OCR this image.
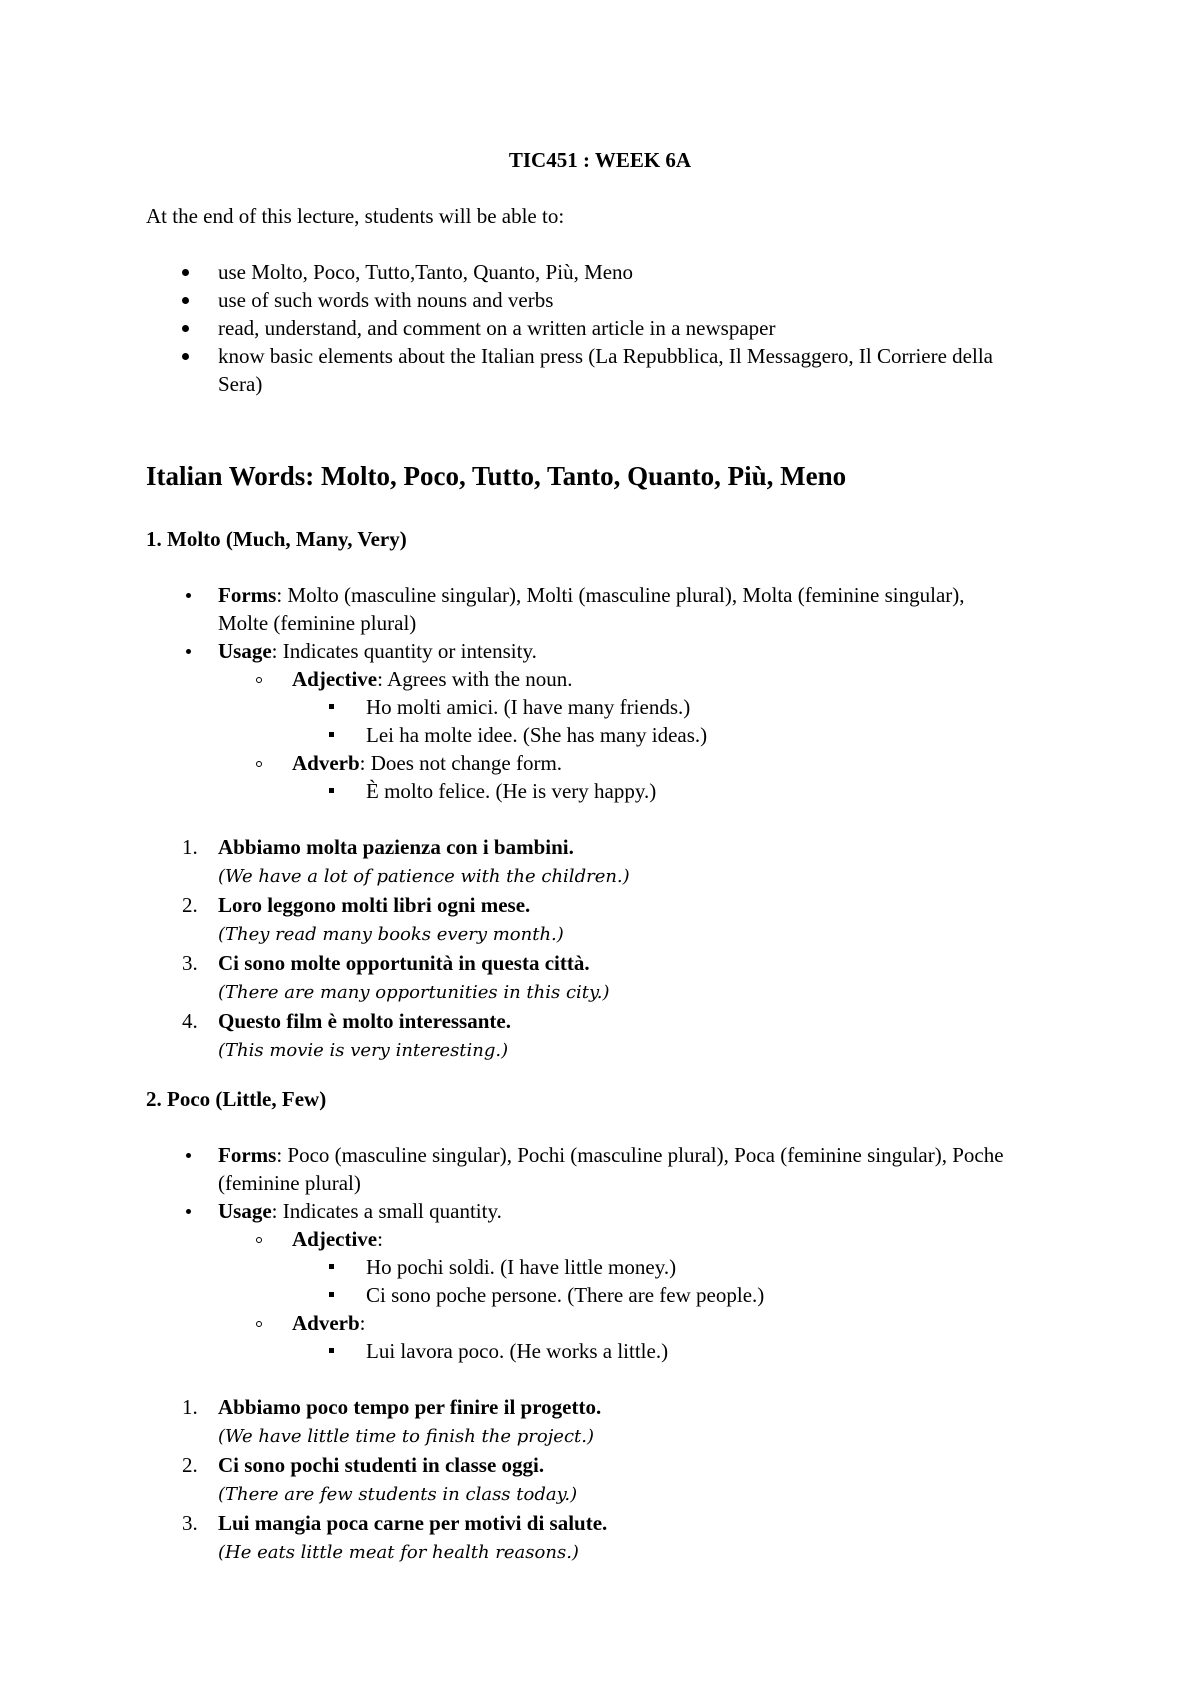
TIC451 : WEEK 6A
At the end of this lecture, students will be able to:
use Molto, Poco, Tutto,Tanto, Quanto, Più, Meno
use of such words with nouns and verbs
read, understand, and comment on a written article in a newspaper
know basic elements about the Italian press (La Repubblica, Il Messaggero, Il Corriere della Sera)
Italian Words: Molto, Poco, Tutto, Tanto, Quanto, Più, Meno
1. Molto (Much, Many, Very)
Forms: Molto (masculine singular), Molti (masculine plural), Molta (feminine singular), Molte (feminine plural)
Usage: Indicates quantity or intensity.
Adjective: Agrees with the noun.
Ho molti amici. (I have many friends.)
Lei ha molte idee. (She has many ideas.)
Adverb: Does not change form.
È molto felice. (He is very happy.)
1. Abbiamo molta pazienza con i bambini.
(We have a lot of patience with the children.)
2. Loro leggono molti libri ogni mese.
(They read many books every month.)
3. Ci sono molte opportunità in questa città.
(There are many opportunities in this city.)
4. Questo film è molto interessante.
(This movie is very interesting.)
2. Poco (Little, Few)
Forms: Poco (masculine singular), Pochi (masculine plural), Poca (feminine singular), Poche (feminine plural)
Usage: Indicates a small quantity.
Adjective:
Ho pochi soldi. (I have little money.)
Ci sono poche persone. (There are few people.)
Adverb:
Lui lavora poco. (He works a little.)
1. Abbiamo poco tempo per finire il progetto.
(We have little time to finish the project.)
2. Ci sono pochi studenti in classe oggi.
(There are few students in class today.)
3. Lui mangia poca carne per motivi di salute.
(He eats little meat for health reasons.)
